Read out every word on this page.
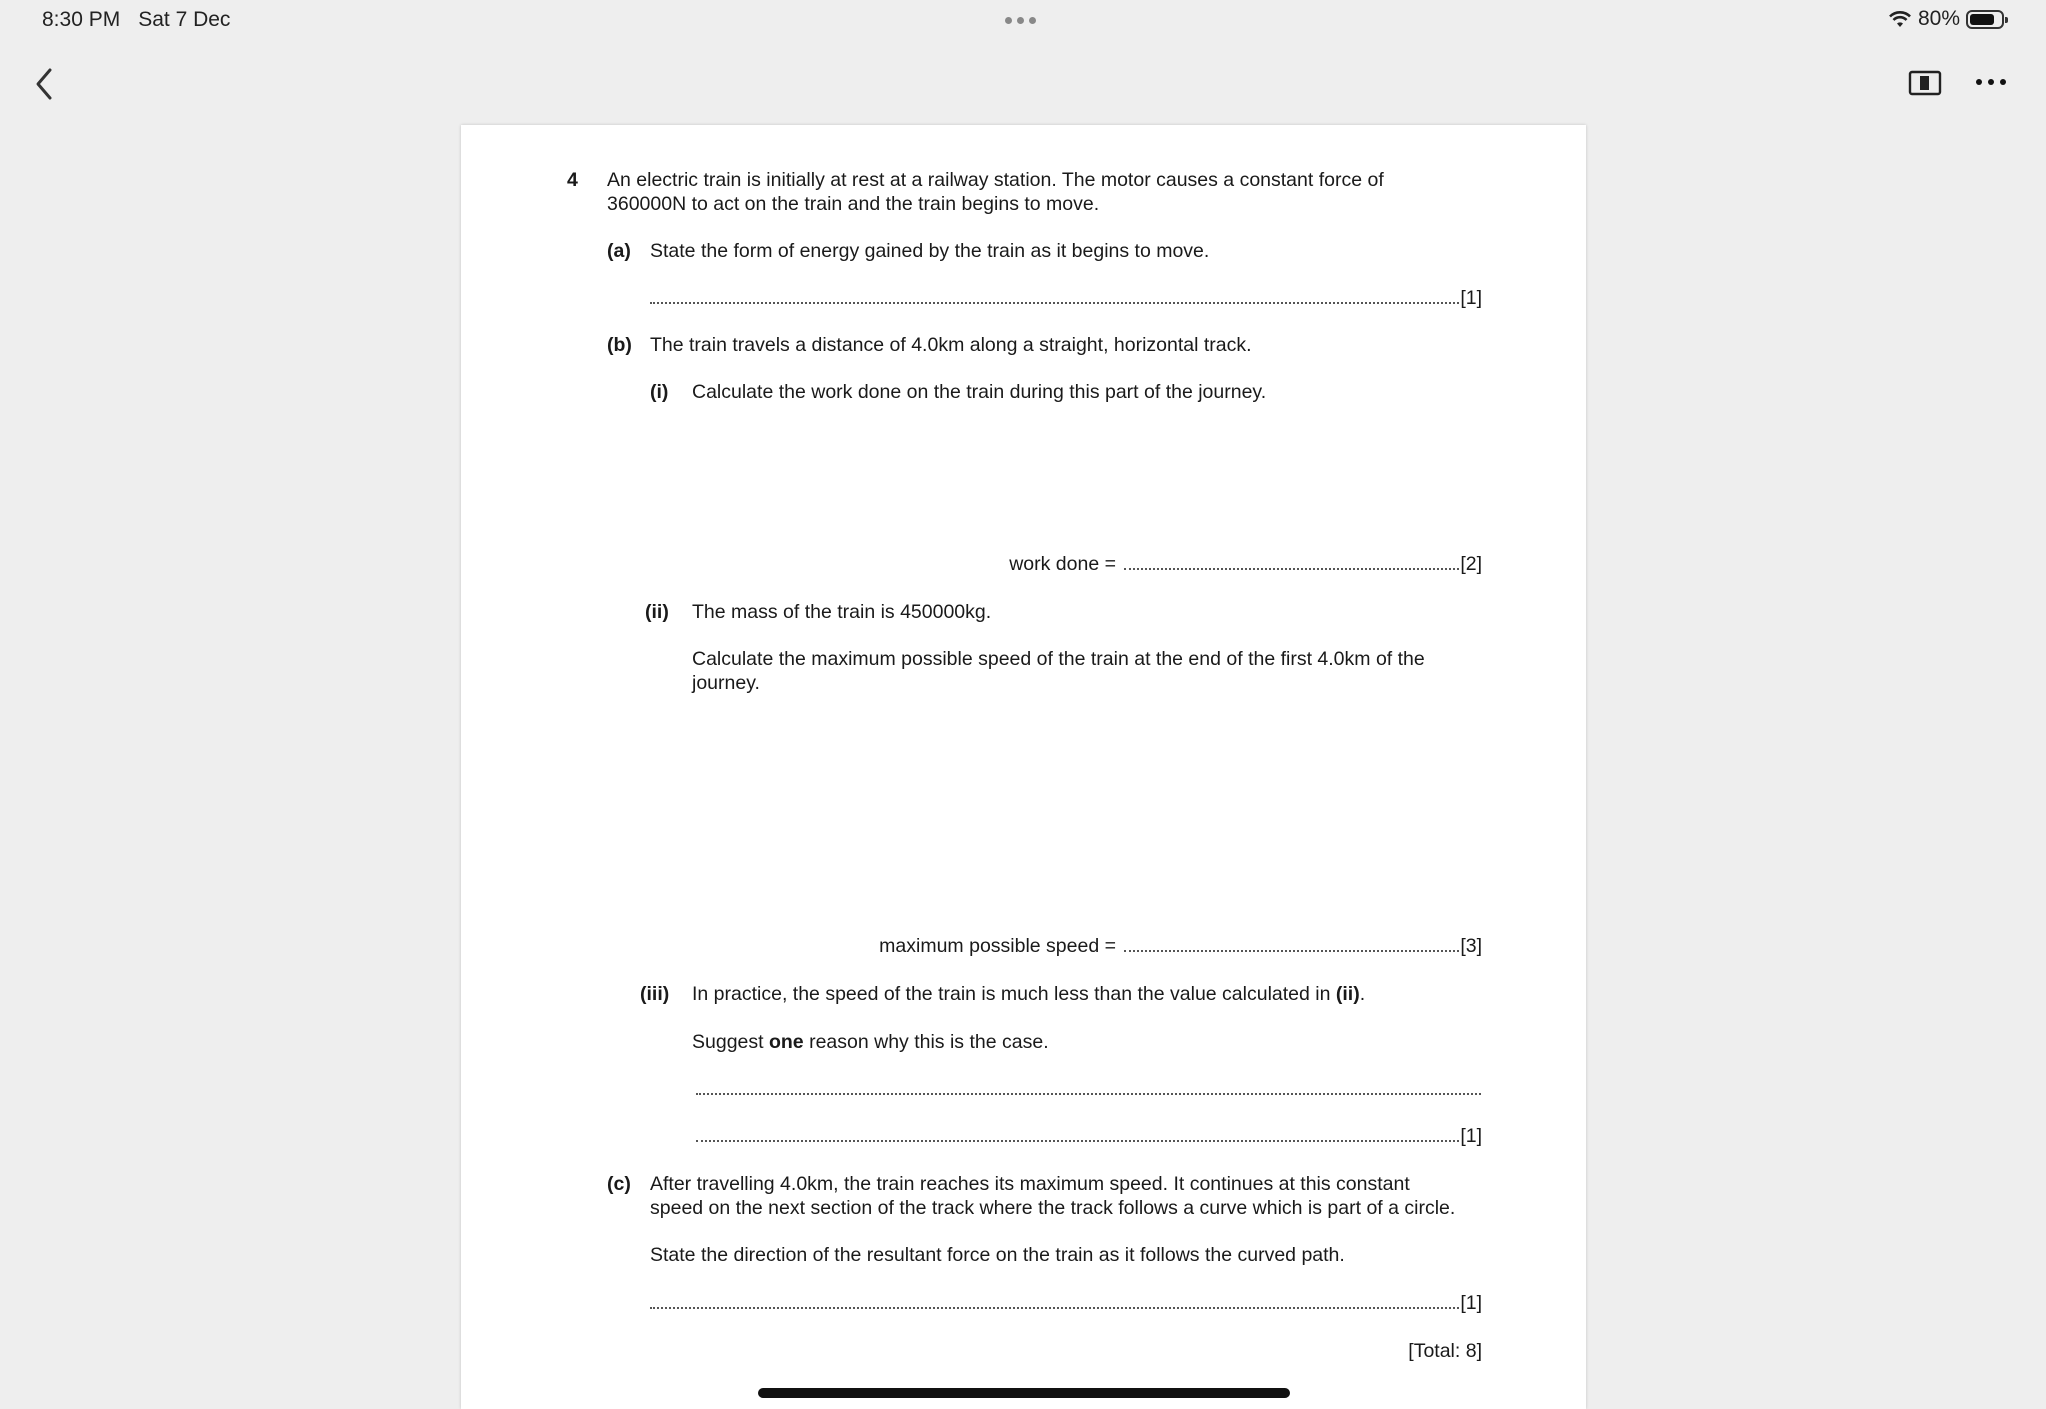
8:30 PM Sat 7 Dec	80%
4 An electric train is initially at rest at a railway station. The motor causes a constant force of
360000N to act on the train and the train begins to move.
(a) State the form of energy gained by the train as it begins to move.
[1]
(b) The train travels a distance of 4.0km along a straight, horizontal track.
(i) Calculate the work done on the train during this part of the journey.
work done =	[2]
(ii) The mass of the train is 450000kg.
Calculate the maximum possible speed of the train at the end of the first 4.0km of the
journey.
maximum possible speed =	[3]
(iii) In practice, the speed of the train is much less than the value calculated in (ii).
Suggest one reason why this is the case.
[1]
(c) After travelling 4.0km, the train reaches its maximum speed. It continues at this constant
speed on the next section of the track where the track follows a curve which is part of a circle.
State the direction of the resultant force on the train as it follows the curved path.
[1]
[Total: 8]
